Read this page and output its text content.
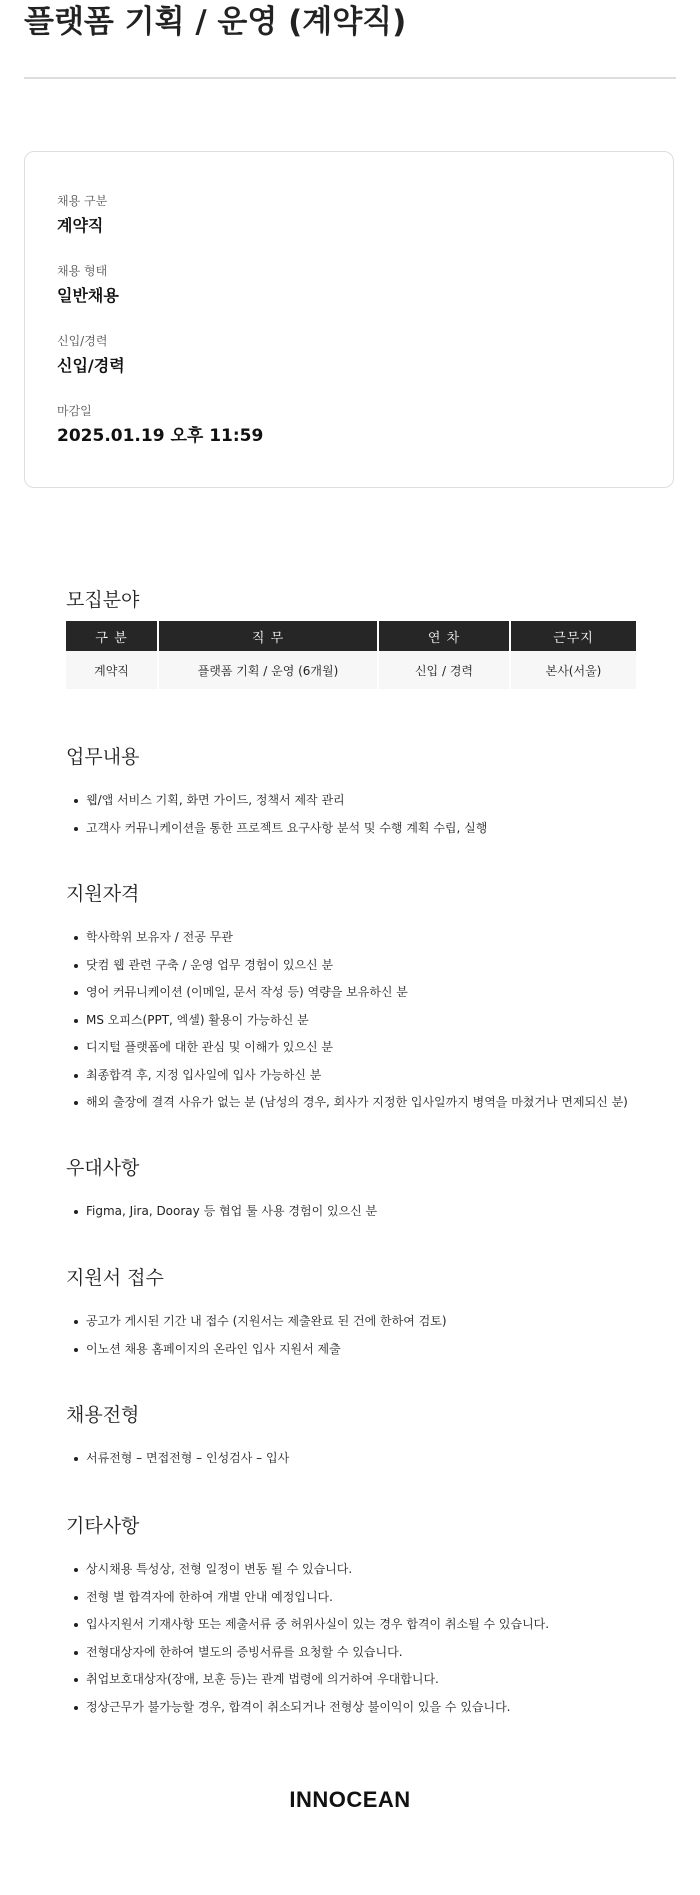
플랫폼 기획 / 운영 (계약직)
채용 구분
계약직
채용 형태
일반채용
신입/경력
신입/경력
마감일
2025.01.19 오후 11:59
모집분야
구 분	직 무	연 차	근무지
계약직	플랫폼 기획 / 운영 (6개월)	신입 / 경력	본사(서울)
업무내용
웹/앱 서비스 기획, 화면 가이드, 정책서 제작 관리
고객사 커뮤니케이션을 통한 프로젝트 요구사항 분석 및 수행 계획 수립, 실행
지원자격
학사학위 보유자 / 전공 무관
닷컴 웹 관련 구축 / 운영 업무 경험이 있으신 분
영어 커뮤니케이션 (이메일, 문서 작성 등) 역량을 보유하신 분
MS 오피스(PPT, 엑셀) 활용이 가능하신 분
디지털 플랫폼에 대한 관심 및 이해가 있으신 분
최종합격 후, 지정 입사일에 입사 가능하신 분
해외 출장에 결격 사유가 없는 분 (남성의 경우, 회사가 지정한 입사일까지 병역을 마쳤거나 면제되신 분)
우대사항
Figma, Jira, Dooray 등 협업 툴 사용 경험이 있으신 분
지원서 접수
공고가 게시된 기간 내 접수 (지원서는 제출완료 된 건에 한하여 검토)
이노션 채용 홈페이지의 온라인 입사 지원서 제출
채용전형
서류전형 – 면접전형 – 인성검사 – 입사
기타사항
상시채용 특성상, 전형 일정이 변동 될 수 있습니다.
전형 별 합격자에 한하여 개별 안내 예정입니다.
입사지원서 기재사항 또는 제출서류 중 허위사실이 있는 경우 합격이 취소될 수 있습니다.
전형대상자에 한하여 별도의 증빙서류를 요청할 수 있습니다.
취업보호대상자(장애, 보훈 등)는 관계 법령에 의거하여 우대합니다.
정상근무가 불가능할 경우, 합격이 취소되거나 전형상 불이익이 있을 수 있습니다.
INNOCEAN
